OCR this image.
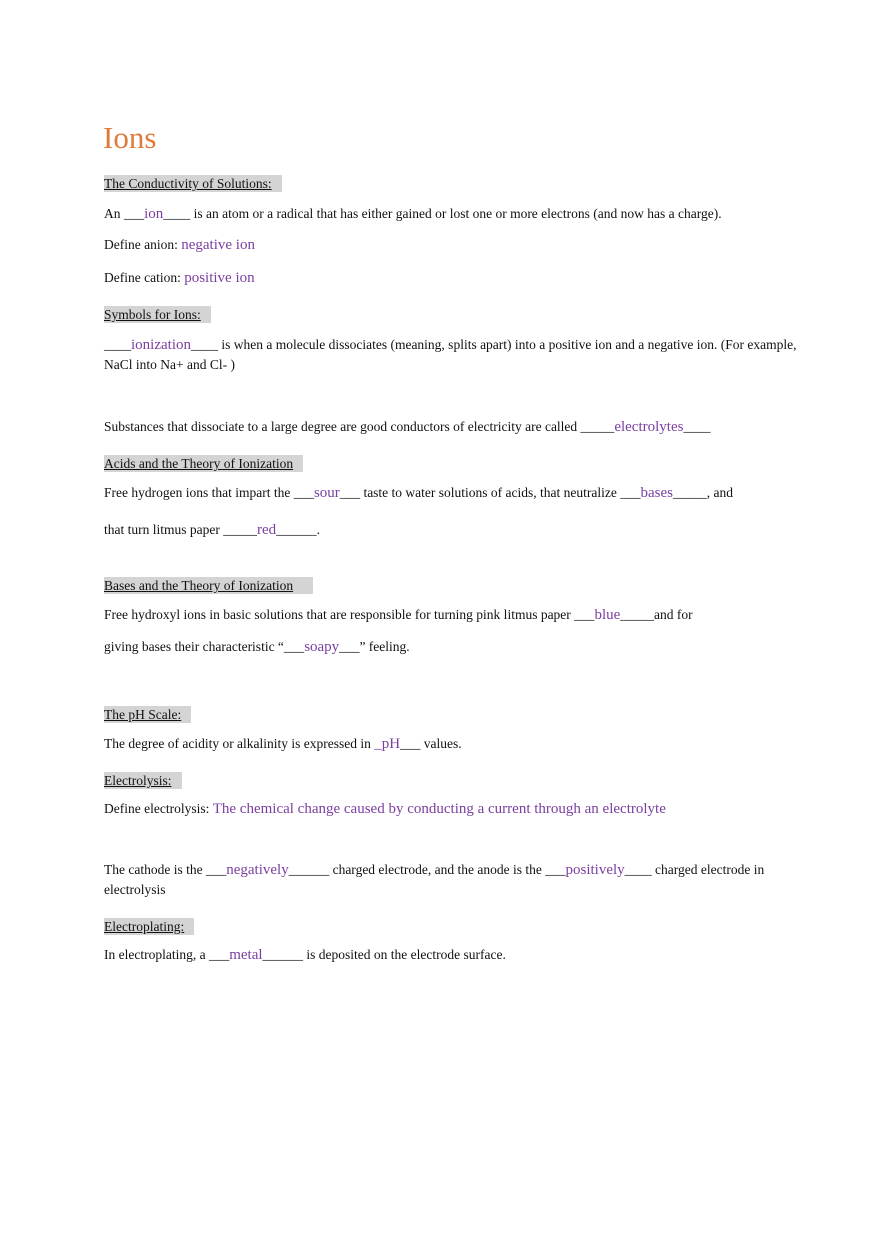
Ions
The Conductivity of Solutions:
An ___ion____ is an atom or a radical that has either gained or lost one or more electrons (and now has a charge).
Define anion: negative ion
Define cation: positive ion
Symbols for Ions:
____ionization____ is when a molecule dissociates (meaning, splits apart) into a positive ion and a negative ion. (For example, NaCl into Na+ and Cl- )
Substances that dissociate to a large degree are good conductors of electricity are called _____electrolytes____
Acids and the Theory of Ionization
Free hydrogen ions that impart the ___sour___ taste to water solutions of acids, that neutralize ___bases_____, and
that turn litmus paper _____red______.
Bases and the Theory of Ionization
Free hydroxyl ions in basic solutions that are responsible for turning pink litmus paper ___blue_____and for
giving bases their characteristic “___soapy___” feeling.
The pH Scale:
The degree of acidity or alkalinity is expressed in _pH___ values.
Electrolysis:
Define electrolysis: The chemical change caused by conducting a current through an electrolyte
The cathode is the ___negatively______ charged electrode, and the anode is the ___positively____ charged electrode in electrolysis
Electroplating:
In electroplating, a ___metal______ is deposited on the electrode surface.
